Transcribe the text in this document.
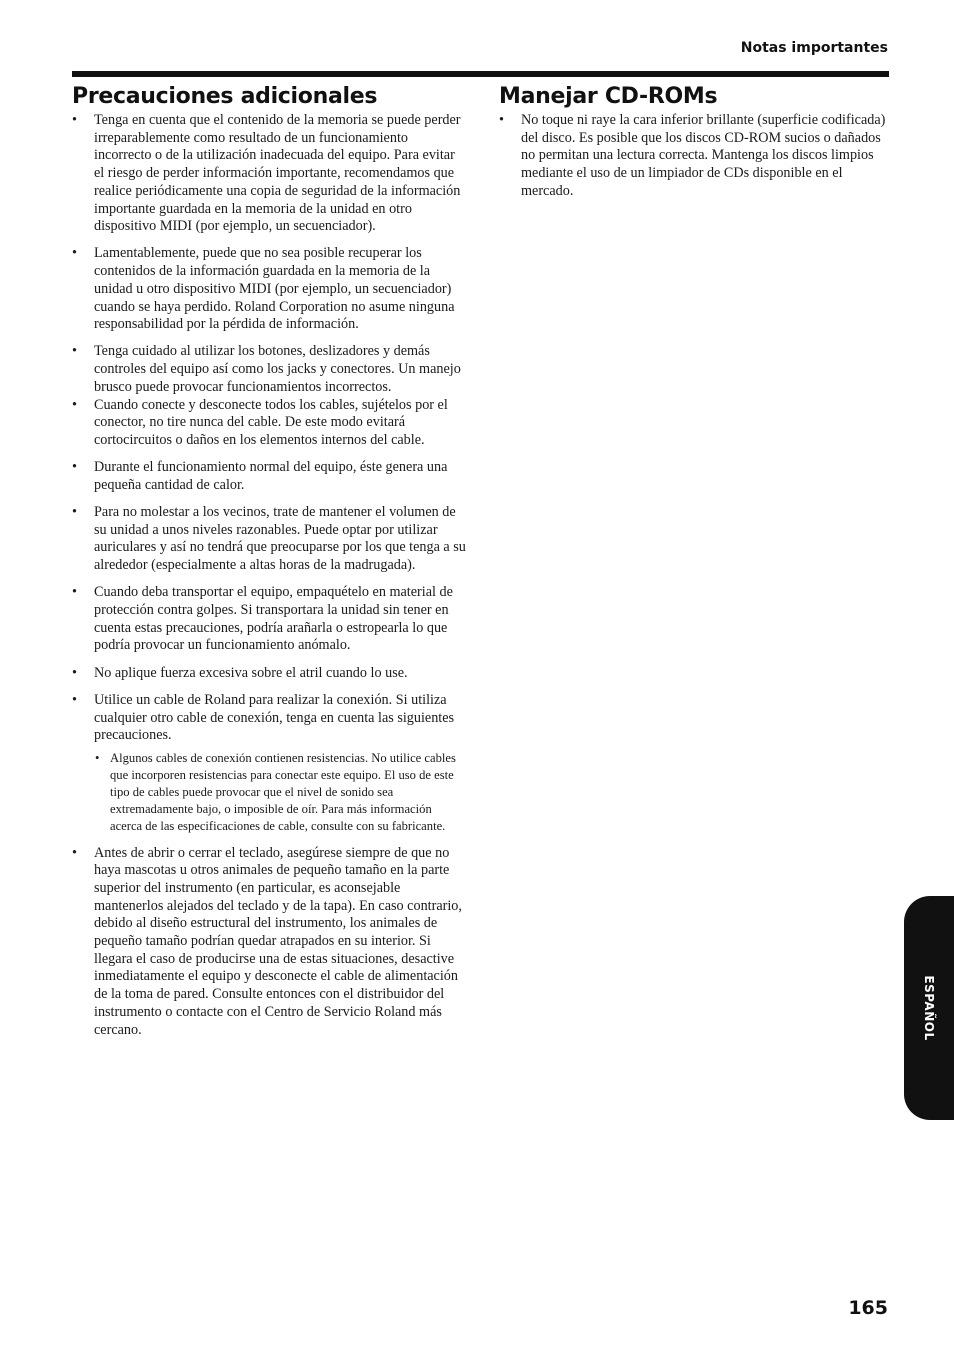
Notas importantes
Precauciones adicionales
• Tenga en cuenta que el contenido de la memoria se puede perder irreparablemente como resultado de un funcionamiento incorrecto o de la utilización inadecuada del equipo. Para evitar el riesgo de perder información importante, recomendamos que realice periódicamente una copia de seguridad de la información importante guardada en la memoria de la unidad en otro dispositivo MIDI (por ejemplo, un secuenciador).
• Lamentablemente, puede que no sea posible recuperar los contenidos de la información guardada en la memoria de la unidad u otro dispositivo MIDI (por ejemplo, un secuenciador) cuando se haya perdido. Roland Corporation no asume ninguna responsabilidad por la pérdida de información.
• Tenga cuidado al utilizar los botones, deslizadores y demás controles del equipo así como los jacks y conectores. Un manejo brusco puede provocar funcionamientos incorrectos.
• Cuando conecte y desconecte todos los cables, sujételos por el conector, no tire nunca del cable. De este modo evitará cortocircuitos o daños en los elementos internos del cable.
• Durante el funcionamiento normal del equipo, éste genera una pequeña cantidad de calor.
• Para no molestar a los vecinos, trate de mantener el volumen de su unidad a unos niveles razonables. Puede optar por utilizar auriculares y así no tendrá que preocuparse por los que tenga a su alrededor (especialmente a altas horas de la madrugada).
• Cuando deba transportar el equipo, empaquételo en material de protección contra golpes. Si transportara la unidad sin tener en cuenta estas precauciones, podría arañarla o estropearla lo que podría provocar un funcionamiento anómalo.
• No aplique fuerza excesiva sobre el atril cuando lo use.
• Utilice un cable de Roland para realizar la conexión. Si utiliza cualquier otro cable de conexión, tenga en cuenta las siguientes precauciones.
• Algunos cables de conexión contienen resistencias. No utilice cables que incorporen resistencias para conectar este equipo. El uso de este tipo de cables puede provocar que el nivel de sonido sea extremadamente bajo, o imposible de oír. Para más información acerca de las especificaciones de cable, consulte con su fabricante.
• Antes de abrir o cerrar el teclado, asegúrese siempre de que no haya mascotas u otros animales de pequeño tamaño en la parte superior del instrumento (en particular, es aconsejable mantenerlos alejados del teclado y de la tapa). En caso contrario, debido al diseño estructural del instrumento, los animales de pequeño tamaño podrían quedar atrapados en su interior. Si llegara el caso de producirse una de estas situaciones, desactive inmediatamente el equipo y desconecte el cable de alimentación de la toma de pared. Consulte entonces con el distribuidor del instrumento o contacte con el Centro de Servicio Roland más cercano.
Manejar CD-ROMs
• No toque ni raye la cara inferior brillante (superficie codificada) del disco. Es posible que los discos CD-ROM sucios o dañados no permitan una lectura correcta. Mantenga los discos limpios mediante el uso de un limpiador de CDs disponible en el mercado.
ESPAÑOL
165
